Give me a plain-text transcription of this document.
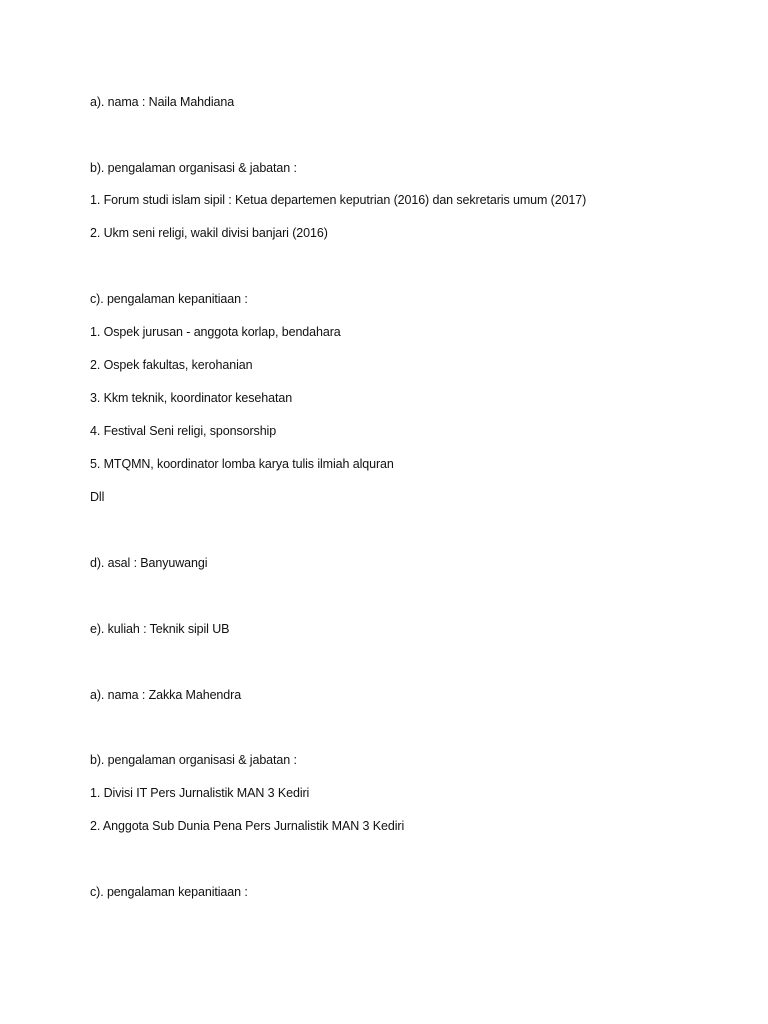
a). nama : Naila Mahdiana
b). pengalaman organisasi & jabatan :
1. Forum studi islam sipil : Ketua departemen keputrian (2016) dan sekretaris umum (2017)
2. Ukm seni religi, wakil divisi banjari (2016)
c). pengalaman kepanitiaan :
1. Ospek jurusan - anggota korlap, bendahara
2. Ospek fakultas, kerohanian
3. Kkm teknik, koordinator kesehatan
4. Festival Seni religi, sponsorship
5. MTQMN, koordinator lomba karya tulis ilmiah alquran
Dll
d). asal : Banyuwangi
e). kuliah : Teknik sipil UB
a). nama : Zakka Mahendra
b). pengalaman organisasi & jabatan :
1. Divisi IT Pers Jurnalistik MAN 3 Kediri
2. Anggota Sub Dunia Pena Pers Jurnalistik MAN 3 Kediri
c). pengalaman kepanitiaan :
